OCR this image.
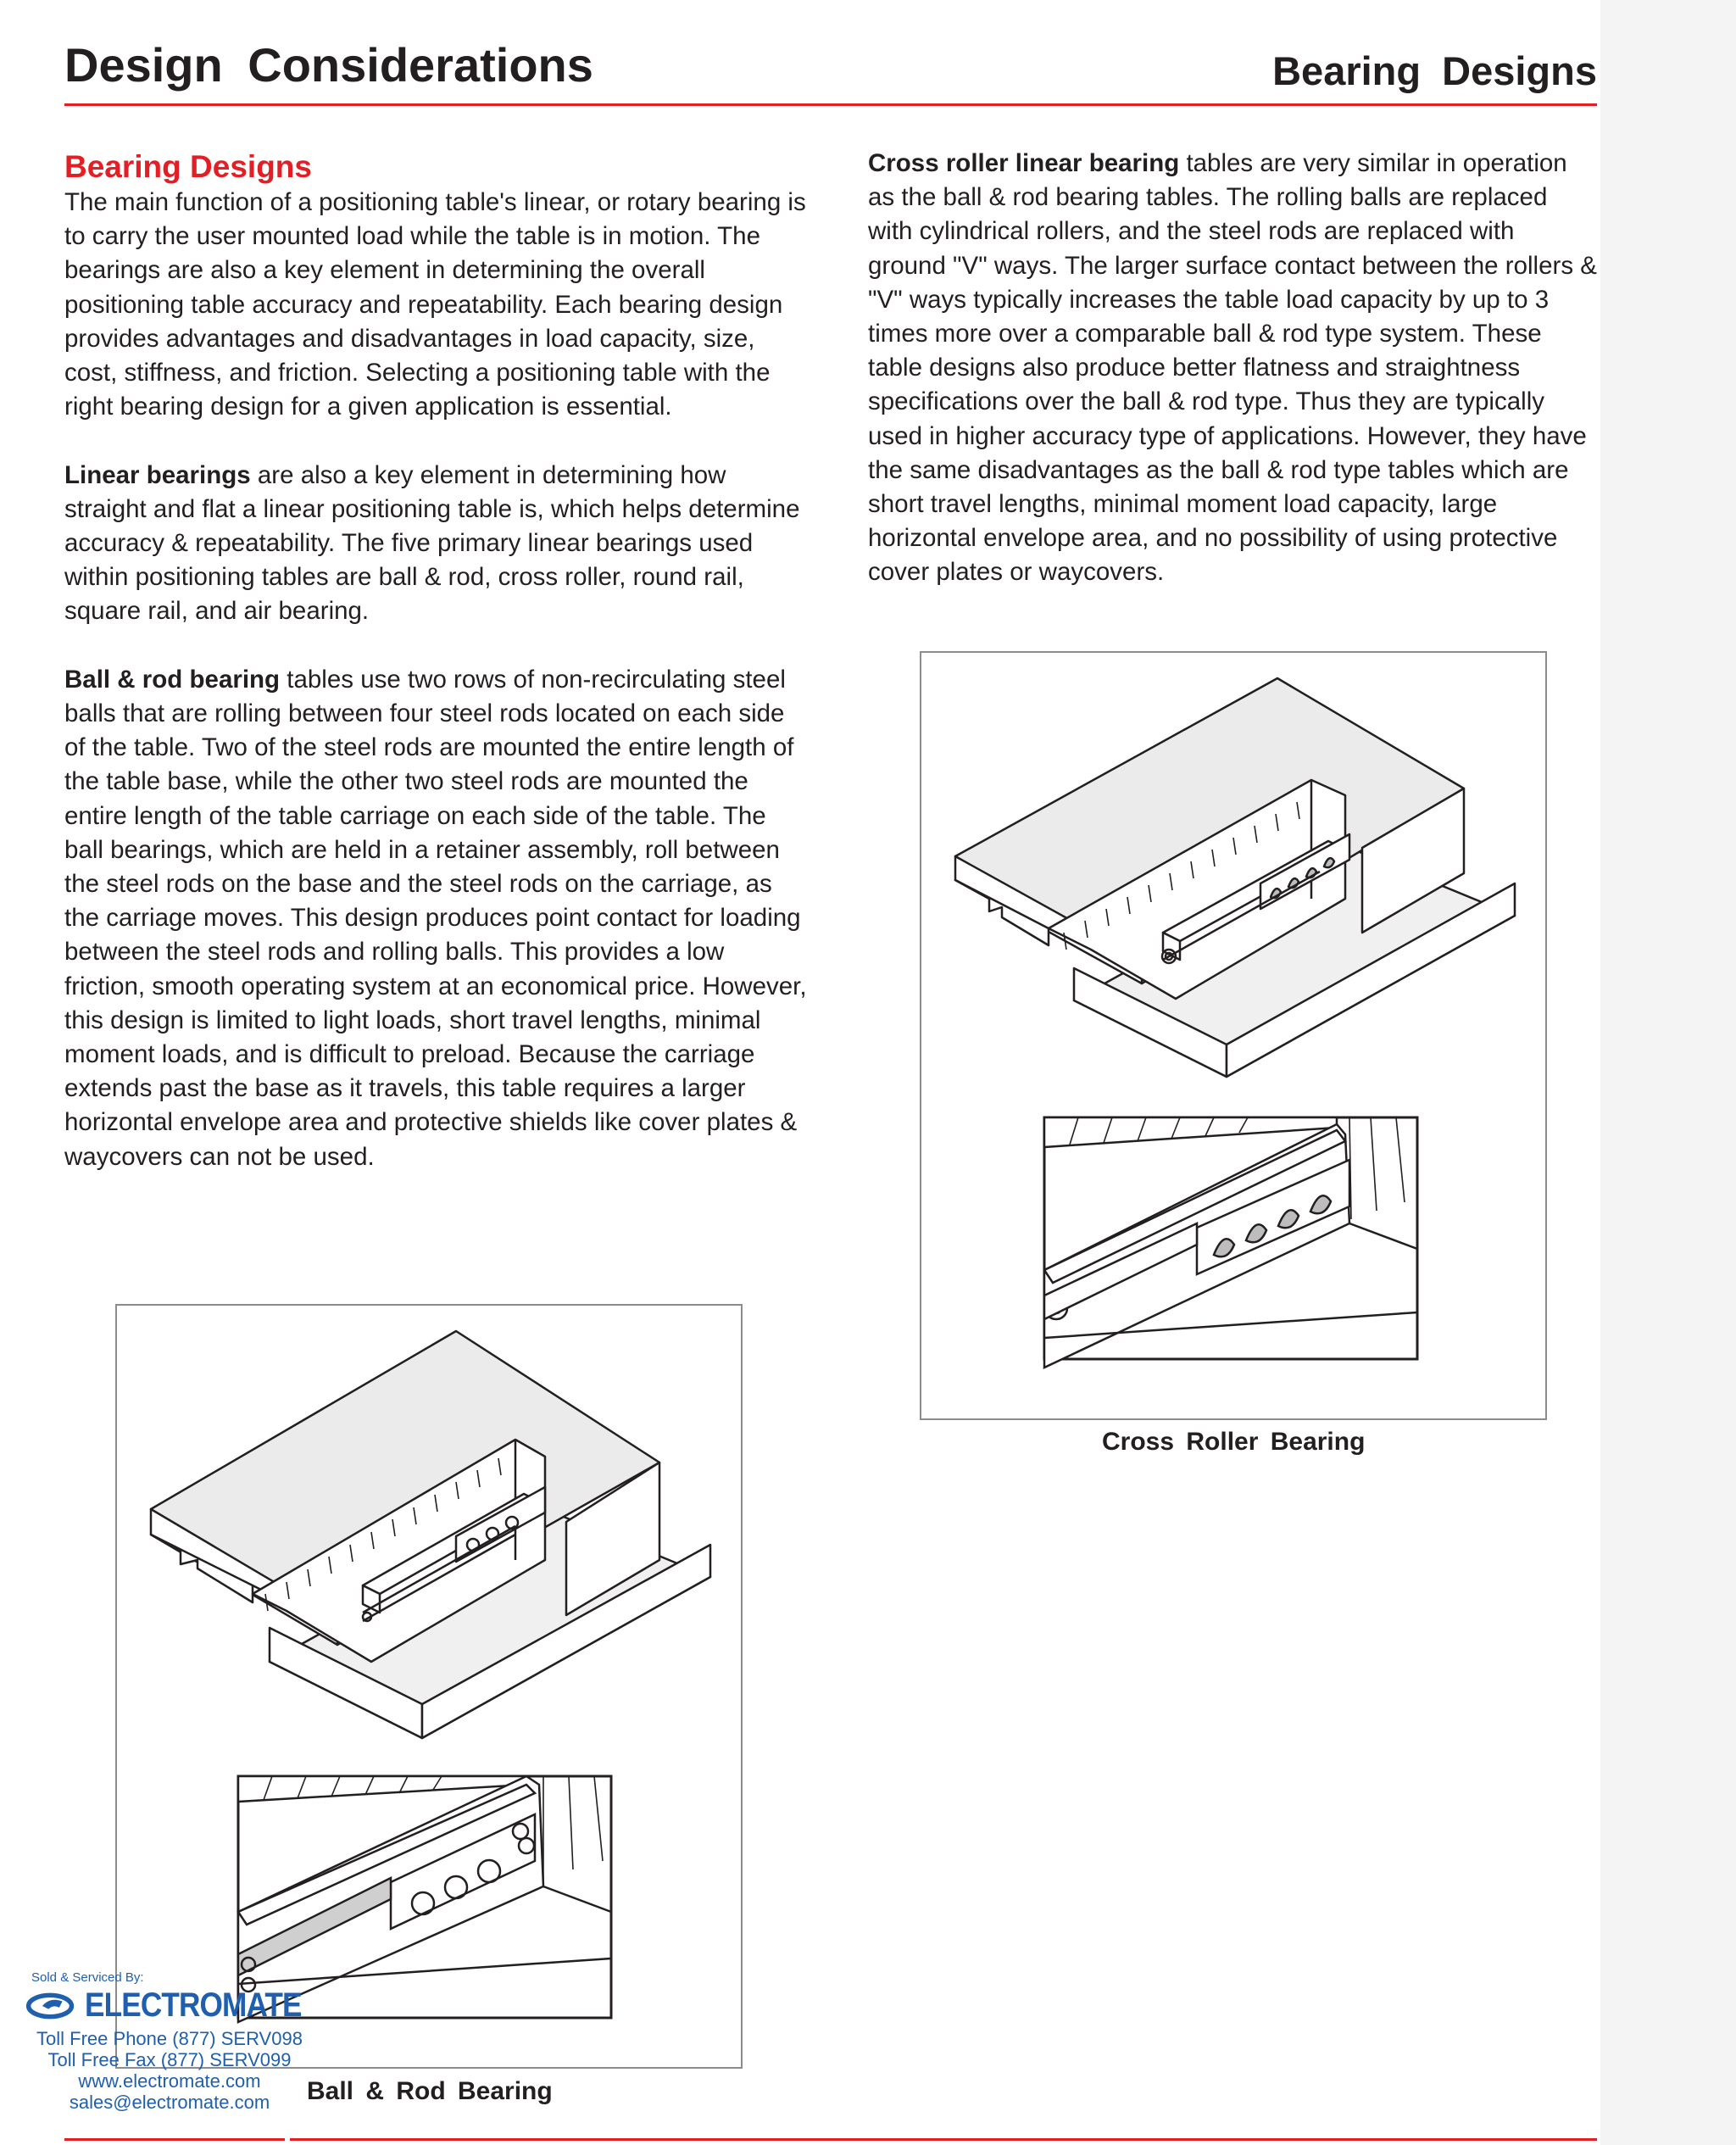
Design Considerations	Bearing Designs
Bearing Designs

The main function of a positioning table's linear, or rotary bearing is to carry the user mounted load while the table is in motion. The bearings are also a key element in determining the overall positioning table accuracy and repeatability. Each bearing design provides advantages and disadvantages in load capacity, size, cost, stiffness, and friction. Selecting a positioning table with the right bearing design for a given application is essential.

Linear bearings are also a key element in determining how straight and flat a linear positioning table is, which helps determine accuracy & repeatability. The five primary linear bearings used within positioning tables are ball & rod, cross roller, round rail, square rail, and air bearing.

Ball & rod bearing tables use two rows of non-recirculating steel balls that are rolling between four steel rods located on each side of the table. Two of the steel rods are mounted the entire length of the table base, while the other two steel rods are mounted the entire length of the table carriage on each side of the table. The ball bearings, which are held in a retainer assembly, roll between the steel rods on the base and the steel rods on the carriage, as the carriage moves. This design produces point contact for loading between the steel rods and rolling balls. This provides a low friction, smooth operating system at an economical price. However, this design is limited to light loads, short travel lengths, minimal moment loads, and is difficult to preload. Because the carriage extends past the base as it travels, this table requires a larger horizontal envelope area and protective shields like cover plates & waycovers can not be used.

Cross roller linear bearing tables are very similar in operation as the ball & rod bearing tables. The rolling balls are replaced with cylindrical rollers, and the steel rods are replaced with ground "V" ways. The larger surface contact between the rollers & "V" ways typically increases the table load capacity by up to 3 times more over a comparable ball & rod type system. These table designs also produce better flatness and straightness specifications over the ball & rod type. Thus they are typically used in higher accuracy type of applications. However, they have the same disadvantages as the ball & rod type tables which are short travel lengths, minimal moment load capacity, large horizontal envelope area, and no possibility of using protective cover plates or waycovers.

Ball & Rod Bearing
Cross Roller Bearing
Sold & Serviced By:
ELECTROMATE
Toll Free Phone (877) SERV098
Toll Free Fax (877) SERV099
www.electromate.com
sales@electromate.com
